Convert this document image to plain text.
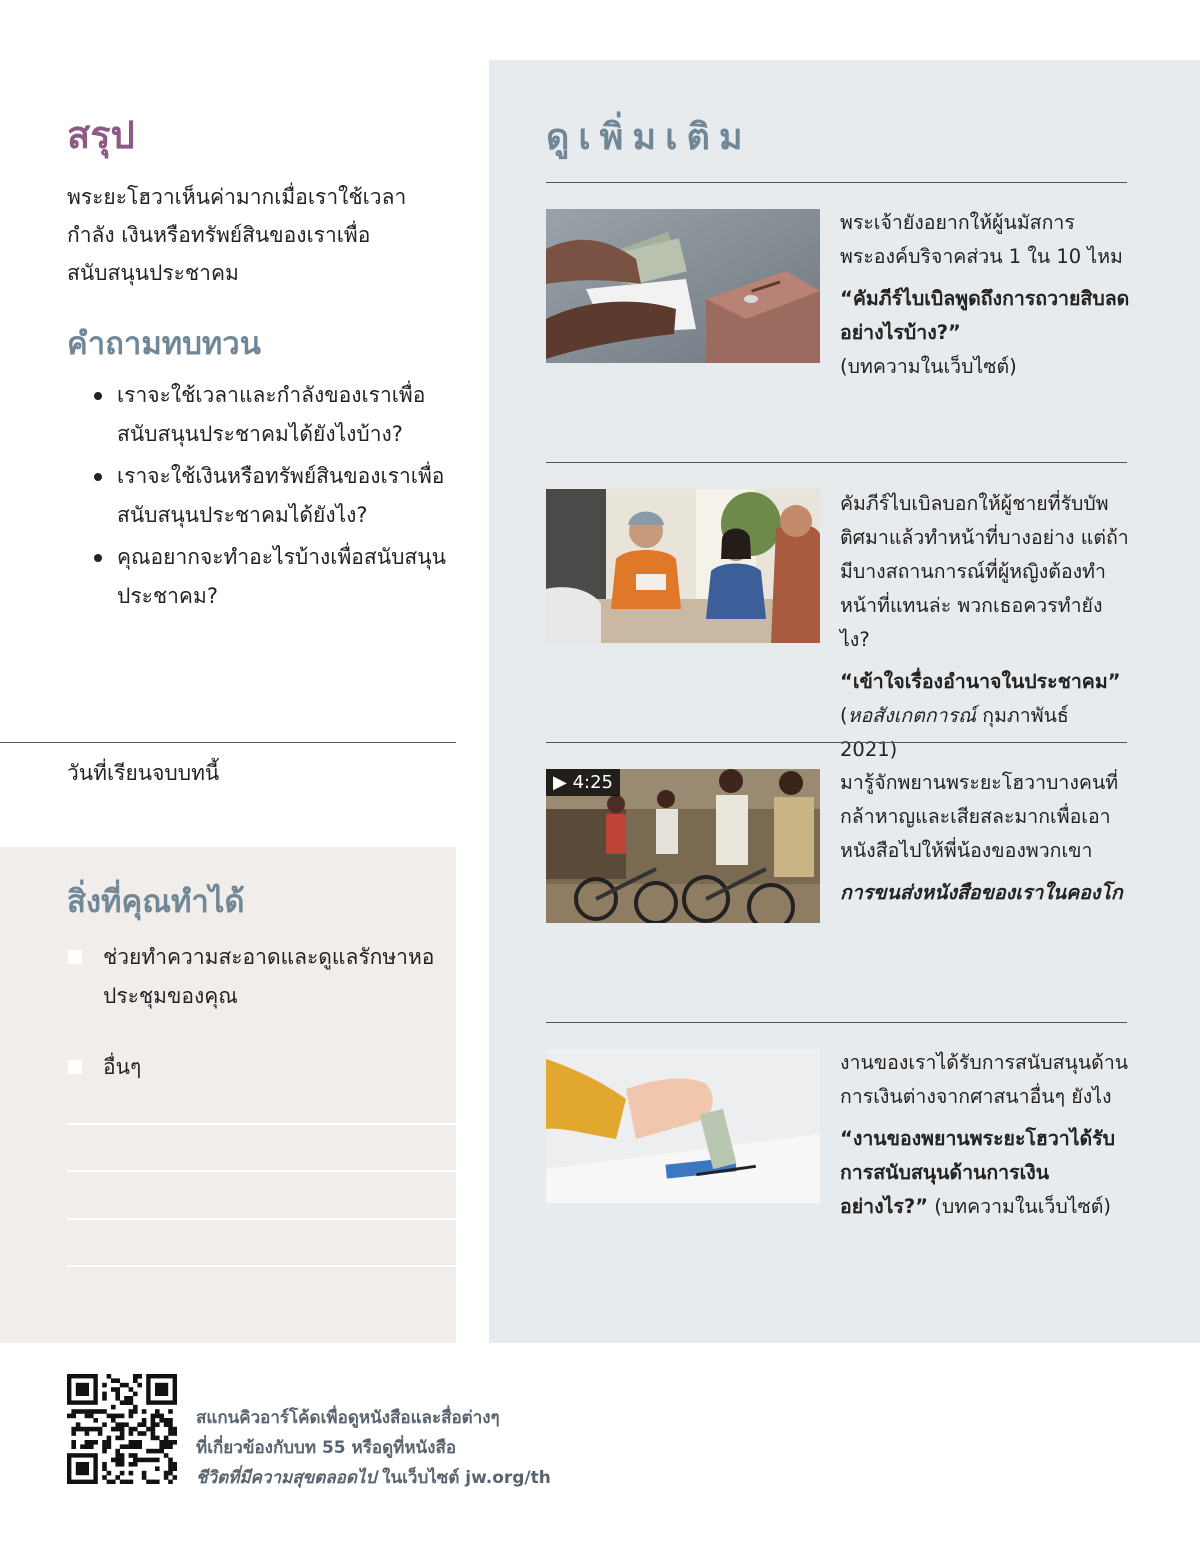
สรุป
พระยะโฮวาเห็นค่ามากเมื่อเราใช้เวลา กำลัง เงินหรือทรัพย์สินของเราเพื่อสนับสนุนประชาคม
คำถามทบทวน
เราจะใช้เวลาและกำลังของเราเพื่อสนับสนุนประชาคมได้ยังไงบ้าง?
เราจะใช้เงินหรือทรัพย์สินของเราเพื่อสนับสนุนประชาคมได้ยังไง?
คุณอยากจะทำอะไรบ้างเพื่อสนับสนุนประชาคม?
วันที่เรียนจบบทนี้
สิ่งที่คุณทำได้
ช่วยทำความสะอาดและดูแลรักษาหอประชุมของคุณ
อื่นๆ
ดูเพิ่มเติม

พระเจ้ายังอยากให้ผู้นมัสการพระองค์บริจาคส่วน 1 ใน 10 ไหม

“คัมภีร์ไบเบิลพูดถึงการถวายสิบลดอย่างไรบ้าง?”

(บทความในเว็บไซต์)

คัมภีร์ไบเบิลบอกให้ผู้ชายที่รับบัพติศมาแล้วทำหน้าที่บางอย่าง แต่ถ้ามีบางสถานการณ์ที่ผู้หญิงต้องทำหน้าที่แทนล่ะ พวกเธอควรทำยังไง?

“เข้าใจเรื่องอำนาจในประชาคม”

(หอสังเกตการณ์ กุมภาพันธ์ 2021)

▶ 4:25	มารู้จักพยานพระยะโฮวาบางคนที่กล้าหาญและเสียสละมากเพื่อเอาหนังสือไปให้พี่น้องของพวกเขา

การขนส่งหนังสือของเราในคองโก

งานของเราได้รับการสนับสนุนด้านการเงินต่างจากศาสนาอื่นๆ ยังไง

“งานของพยานพระยะโฮวาได้รับการสนับสนุนด้านการเงินอย่างไร?” (บทความในเว็บไซต์)

สแกนคิวอาร์โค้ดเพื่อดูหนังสือและสื่อต่างๆ
ที่เกี่ยวข้องกับบท 55 หรือดูที่หนังสือ
ชีวิตที่มีความสุขตลอดไป ในเว็บไซต์ jw.org/th
